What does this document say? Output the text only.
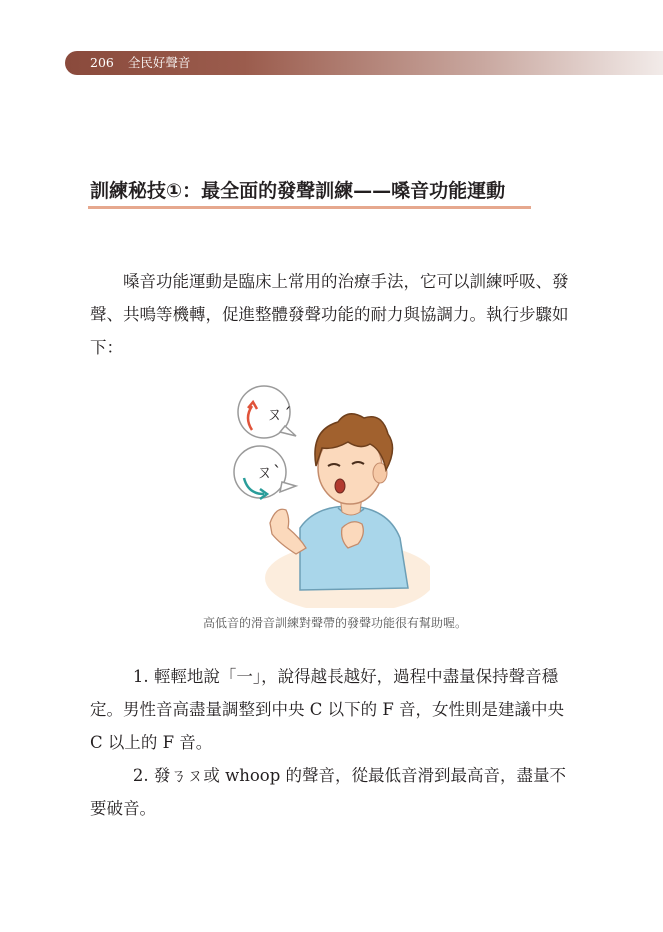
206 全民好聲音
訓練秘技①：最全面的發聲訓練——嗓音功能運動

嗓音功能運動是臨床上常用的治療手法，它可以訓練呼吸、發聲、共鳴等機轉，促進整體發聲功能的耐力與協調力。執行步驟如下：

ㄡˊ
ㄡˋ
高低音的滑音訓練對聲帶的發聲功能很有幫助喔。

1. 輕輕地說「一」，說得越長越好，過程中盡量保持聲音穩定。男性音高盡量調整到中央 C 以下的 F 音，女性則是建議中央 C 以上的 F 音。

2. 發ㄋㄡ或 whoop 的聲音，從最低音滑到最高音，盡量不要破音。
